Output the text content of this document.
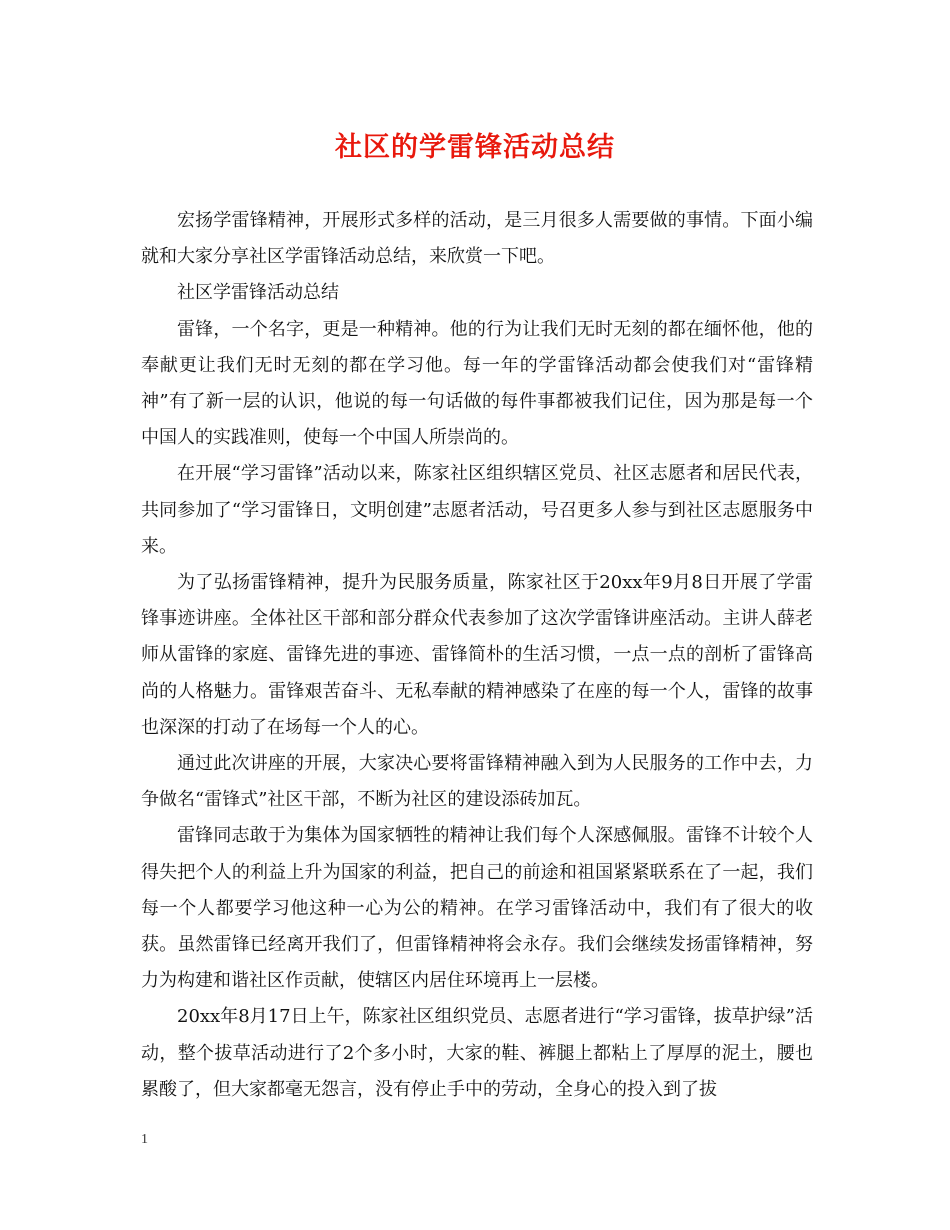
社区的学雷锋活动总结

宏扬学雷锋精神，开展形式多样的活动，是三月很多人需要做的事情。下面小编就和大家分享社区学雷锋活动总结，来欣赏一下吧。

社区学雷锋活动总结

雷锋，一个名字，更是一种精神。他的行为让我们无时无刻的都在缅怀他，他的奉献更让我们无时无刻的都在学习他。每一年的学雷锋活动都会使我们对“雷锋精神”有了新一层的认识，他说的每一句话做的每件事都被我们记住，因为那是每一个中国人的实践准则，使每一个中国人所崇尚的。

在开展“学习雷锋”活动以来，陈家社区组织辖区党员、社区志愿者和居民代表，共同参加了“学习雷锋日，文明创建”志愿者活动，号召更多人参与到社区志愿服务中来。

为了弘扬雷锋精神，提升为民服务质量，陈家社区于20xx年9月8日开展了学雷锋事迹讲座。全体社区干部和部分群众代表参加了这次学雷锋讲座活动。主讲人薛老师从雷锋的家庭、雷锋先进的事迹、雷锋简朴的生活习惯，一点一点的剖析了雷锋高尚的人格魅力。雷锋艰苦奋斗、无私奉献的精神感染了在座的每一个人，雷锋的故事也深深的打动了在场每一个人的心。

通过此次讲座的开展，大家决心要将雷锋精神融入到为人民服务的工作中去，力争做名“雷锋式”社区干部，不断为社区的建设添砖加瓦。

雷锋同志敢于为集体为国家牺牲的精神让我们每个人深感佩服。雷锋不计较个人得失把个人的利益上升为国家的利益，把自己的前途和祖国紧紧联系在了一起，我们每一个人都要学习他这种一心为公的精神。在学习雷锋活动中，我们有了很大的收获。虽然雷锋已经离开我们了，但雷锋精神将会永存。我们会继续发扬雷锋精神，努力为构建和谐社区作贡献，使辖区内居住环境再上一层楼。

20xx年8月17日上午，陈家社区组织党员、志愿者进行“学习雷锋，拔草护绿”活动，整个拔草活动进行了2个多小时，大家的鞋、裤腿上都粘上了厚厚的泥土，腰也累酸了，但大家都毫无怨言，没有停止手中的劳动，全身心的投入到了拔

1
